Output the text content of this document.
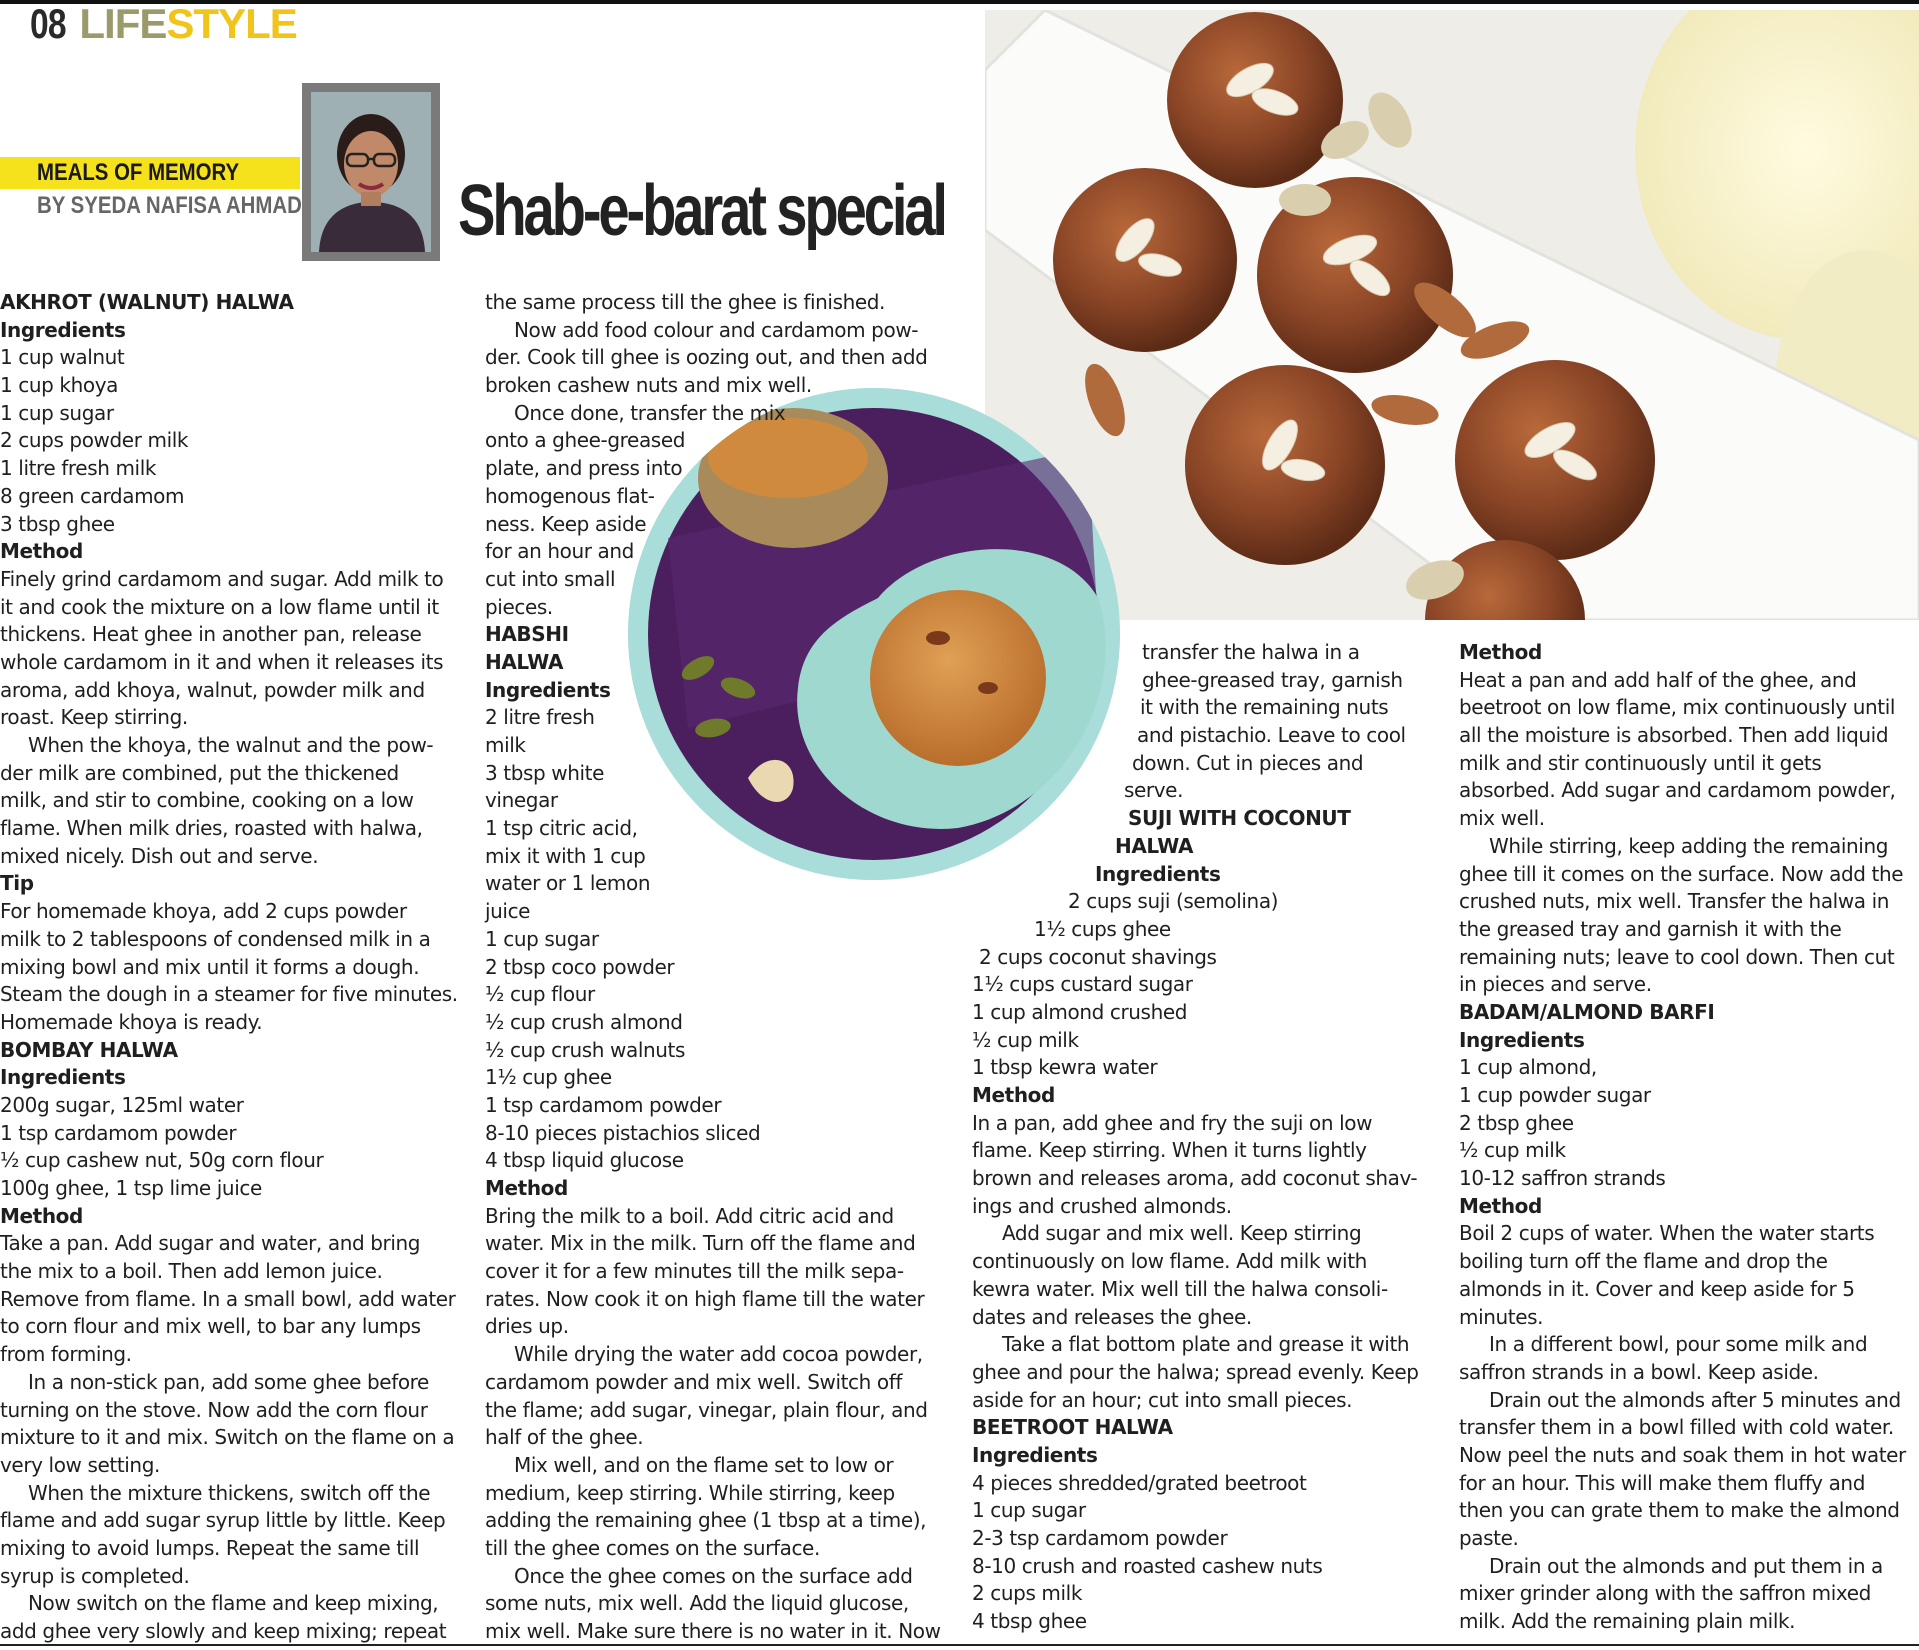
08 LIFESTYLE
MEALS OF MEMORY
BY SYEDA NAFISA AHMAD Shab-e-barat special
AKHROT (WALNUT) HALWA
Ingredients
1 cup walnut
1 cup khoya
1 cup sugar
2 cups powder milk
1 litre fresh milk
8 green cardamom
3 tbsp ghee
Method
Finely grind cardamom and sugar. Add milk to
it and cook the mixture on a low flame until it
thickens. Heat ghee in another pan, release
whole cardamom in it and when it releases its
aroma, add khoya, walnut, powder milk and
roast. Keep stirring.
When the khoya, the walnut and the pow-
der milk are combined, put the thickened
milk, and stir to combine, cooking on a low
flame. When milk dries, roasted with halwa,
mixed nicely. Dish out and serve.
Tip
For homemade khoya, add 2 cups powder
milk to 2 tablespoons of condensed milk in a
mixing bowl and mix until it forms a dough.
Steam the dough in a steamer for five minutes.
Homemade khoya is ready.
BOMBAY HALWA
Ingredients
200g sugar, 125ml water
1 tsp cardamom powder
½ cup cashew nut, 50g corn flour
100g ghee, 1 tsp lime juice
Method
Take a pan. Add sugar and water, and bring
the mix to a boil. Then add lemon juice.
Remove from flame. In a small bowl, add water
to corn flour and mix well, to bar any lumps
from forming.
In a non-stick pan, add some ghee before
turning on the stove. Now add the corn flour
mixture to it and mix. Switch on the flame on a
very low setting.
When the mixture thickens, switch off the
flame and add sugar syrup little by little. Keep
mixing to avoid lumps. Repeat the same till
syrup is completed.
Now switch on the flame and keep mixing,
add ghee very slowly and keep mixing; repeat
the same process till the ghee is finished.
Now add food colour and cardamom pow-
der. Cook till ghee is oozing out, and then add
broken cashew nuts and mix well.
Once done, transfer the mix
onto a ghee-greased
plate, and press into
homogenous flat-
ness. Keep aside
for an hour and
cut into small
pieces.
HABSHI
HALWA
Ingredients
2 litre fresh
milk
3 tbsp white
vinegar
1 tsp citric acid,
mix it with 1 cup
water or 1 lemon
juice
1 cup sugar
2 tbsp coco powder
½ cup flour
½ cup crush almond
½ cup crush walnuts
1½ cup ghee
1 tsp cardamom powder
8-10 pieces pistachios sliced
4 tbsp liquid glucose
Method
Bring the milk to a boil. Add citric acid and
water. Mix in the milk. Turn off the flame and
cover it for a few minutes till the milk sepa-
rates. Now cook it on high flame till the water
dries up.
While drying the water add cocoa powder,
cardamom powder and mix well. Switch off
the flame; add sugar, vinegar, plain flour, and
half of the ghee.
Mix well, and on the flame set to low or
medium, keep stirring. While stirring, keep
adding the remaining ghee (1 tbsp at a time),
till the ghee comes on the surface.
Once the ghee comes on the surface add
some nuts, mix well. Add the liquid glucose,
mix well. Make sure there is no water in it. Now
transfer the halwa in a
ghee-greased tray, garnish
it with the remaining nuts
and pistachio. Leave to cool
down. Cut in pieces and
serve.
SUJI WITH COCONUT
HALWA
Ingredients
2 cups suji (semolina)
1½ cups ghee
2 cups coconut shavings
1½ cups custard sugar
1 cup almond crushed
½ cup milk
1 tbsp kewra water
Method
In a pan, add ghee and fry the suji on low
flame. Keep stirring. When it turns lightly
brown and releases aroma, add coconut shav-
ings and crushed almonds.
Add sugar and mix well. Keep stirring
continuously on low flame. Add milk with
kewra water. Mix well till the halwa consoli-
dates and releases the ghee.
Take a flat bottom plate and grease it with
ghee and pour the halwa; spread evenly. Keep
aside for an hour; cut into small pieces.
BEETROOT HALWA
Ingredients
4 pieces shredded/grated beetroot
1 cup sugar
2-3 tsp cardamom powder
8-10 crush and roasted cashew nuts
2 cups milk
4 tbsp ghee
Method
Heat a pan and add half of the ghee, and
beetroot on low flame, mix continuously until
all the moisture is absorbed. Then add liquid
milk and stir continuously until it gets
absorbed. Add sugar and cardamom powder,
mix well.
While stirring, keep adding the remaining
ghee till it comes on the surface. Now add the
crushed nuts, mix well. Transfer the halwa in
the greased tray and garnish it with the
remaining nuts; leave to cool down. Then cut
in pieces and serve.
BADAM/ALMOND BARFI
Ingredients
1 cup almond,
1 cup powder sugar
2 tbsp ghee
½ cup milk
10-12 saffron strands
Method
Boil 2 cups of water. When the water starts
boiling turn off the flame and drop the
almonds in it. Cover and keep aside for 5
minutes.
In a different bowl, pour some milk and
saffron strands in a bowl. Keep aside.
Drain out the almonds after 5 minutes and
transfer them in a bowl filled with cold water.
Now peel the nuts and soak them in hot water
for an hour. This will make them fluffy and
then you can grate them to make the almond
paste.
Drain out the almonds and put them in a
mixer grinder along with the saffron mixed
milk. Add the remaining plain milk.
